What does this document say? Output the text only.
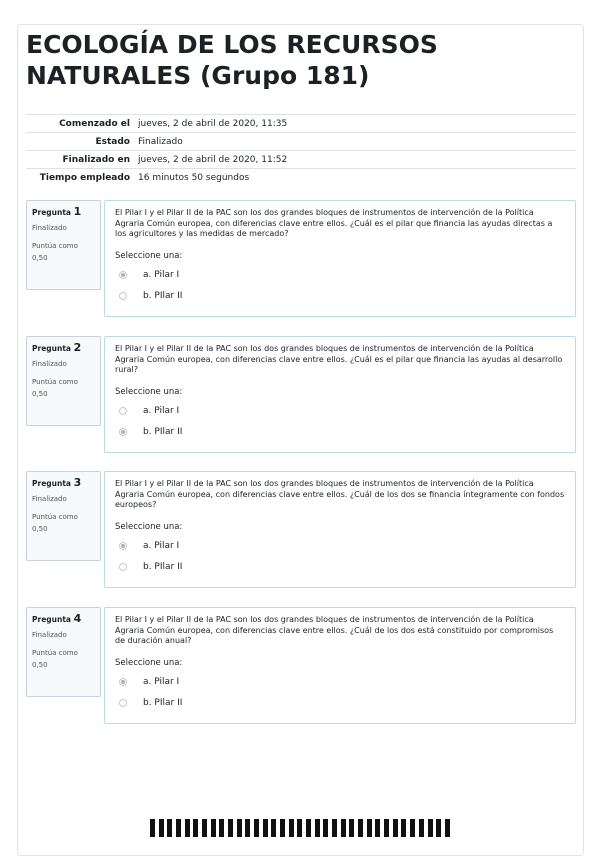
ECOLOGÍA DE LOS RECURSOS NATURALES (Grupo 181)
Comenzado el	jueves, 2 de abril de 2020, 11:35
Estado	Finalizado
Finalizado en	jueves, 2 de abril de 2020, 11:52
Tiempo empleado	16 minutos 50 segundos
Pregunta 1
Finalizado
Puntúa como
0,50
El Pilar I y el Pilar II de la PAC son los dos grandes bloques de instrumentos de intervención de la Política Agraria Común europea, con diferencias clave entre ellos. ¿Cuál es el pilar que financia las ayudas directas a los agricultores y las medidas de mercado?
Seleccione una:
a. Pilar I
b. PIlar II
Pregunta 2
Finalizado
Puntúa como
0,50
El Pilar I y el Pilar II de la PAC son los dos grandes bloques de instrumentos de intervención de la Política Agraria Común europea, con diferencias clave entre ellos. ¿Cuál es el pilar que financia las ayudas al desarrollo rural?
Seleccione una:
a. Pilar I
b. PIlar II
Pregunta 3
Finalizado
Puntúa como
0,50
El Pilar I y el Pilar II de la PAC son los dos grandes bloques de instrumentos de intervención de la Política Agraria Común europea, con diferencias clave entre ellos. ¿Cuál de los dos se financia íntegramente con fondos europeos?
Seleccione una:
a. Pilar I
b. PIlar II
Pregunta 4
Finalizado
Puntúa como
0,50
El Pilar I y el Pilar II de la PAC son los dos grandes bloques de instrumentos de intervención de la Política Agraria Común europea, con diferencias clave entre ellos. ¿Cuál de los dos está constituido por compromisos de duración anual?
Seleccione una:
a. Pilar I
b. PIlar II
